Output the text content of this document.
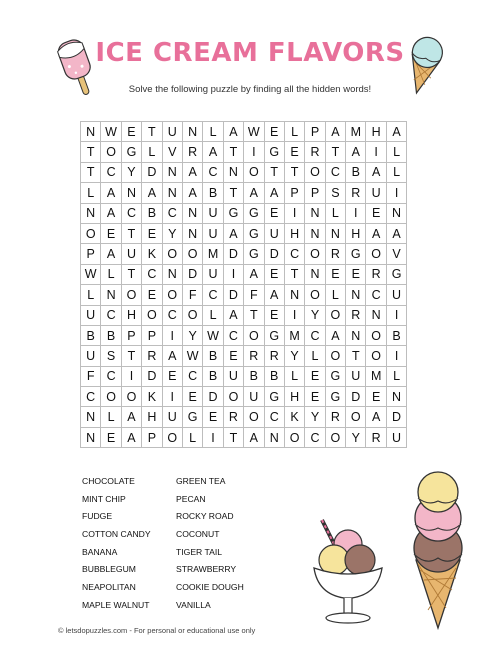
ICE CREAM FLAVORS
Solve the following puzzle by finding all the hidden words!
N	W	E	T	U	N	L	A	W	E	L	P	A	M	H	A
T	O	G	L	V	R	A	T	I	G	E	R	T	A	I	L
T	C	Y	D	N	A	C	N	O	T	T	O	C	B	A	L
L	A	N	A	N	A	B	T	A	A	P	P	S	R	U	I
N	A	C	B	C	N	U	G	G	E	I	N	L	I	E	N
O	E	T	E	Y	N	U	A	G	U	H	N	N	H	A	A
P	A	U	K	O	O	M	D	G	D	C	O	R	G	O	V
W	L	T	C	N	D	U	I	A	E	T	N	E	E	R	G
L	N	O	E	O	F	C	D	F	A	N	O	L	N	C	U
U	C	H	O	C	O	L	A	T	E	I	Y	O	R	N	I
B	B	P	P	I	Y	W	C	O	G	M	C	A	N	O	B
U	S	T	R	A	W	B	E	R	R	Y	L	O	T	O	I
F	C	I	D	E	C	B	U	B	B	L	E	G	U	M	L
C	O	O	K	I	E	D	O	U	G	H	E	G	D	E	N
N	L	A	H	U	G	E	R	O	C	K	Y	R	O	A	D
N	E	A	P	O	L	I	T	A	N	O	C	O	Y	R	U
CHOCOLATE
MINT CHIP
FUDGE
COTTON CANDY
BANANA
BUBBLEGUM
NEAPOLITAN
MAPLE WALNUT
GREEN TEA
PECAN
ROCKY ROAD
COCONUT
TIGER TAIL
STRAWBERRY
COOKIE DOUGH
VANILLA
© letsdopuzzles.com - For personal or educational use only
